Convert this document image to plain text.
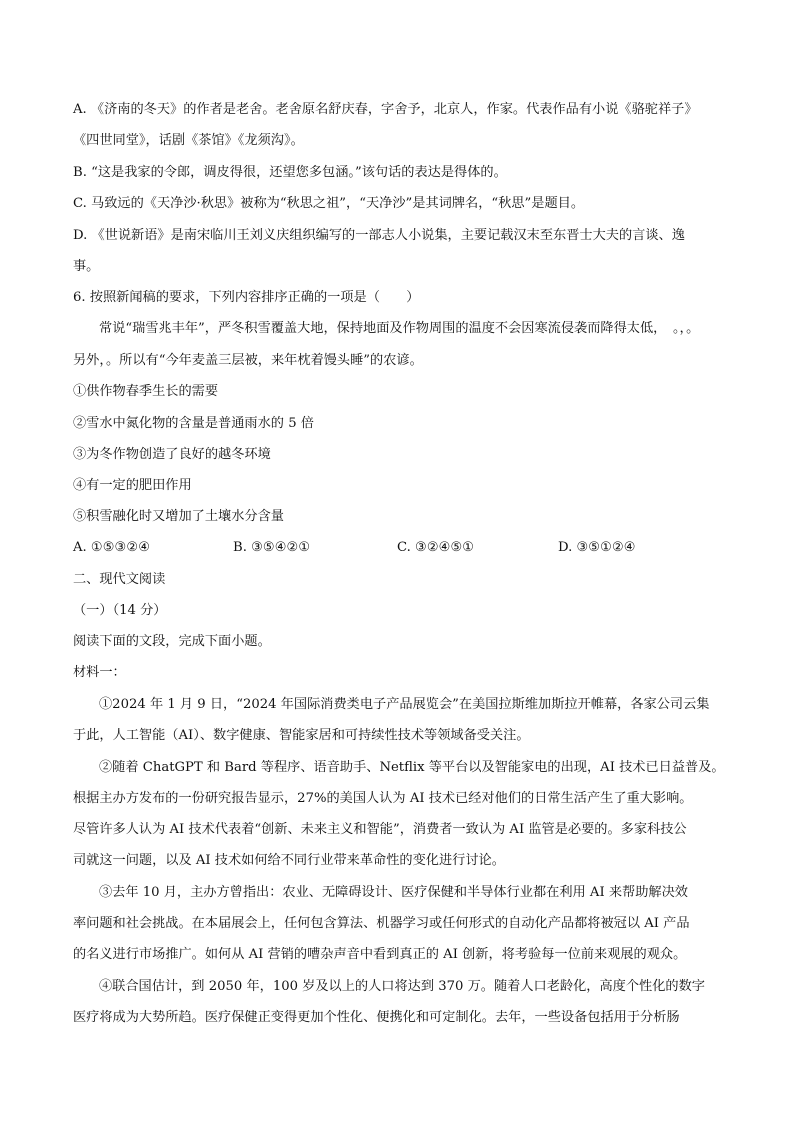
A. 《济南的冬天》的作者是老舍。老舍原名舒庆春，字舍予，北京人，作家。代表作品有小说《骆驼祥子》
《四世同堂》，话剧《茶馆》《龙须沟》。
B. “这是我家的令郎，调皮得很，还望您多包涵。”该句话的表达是得体的。
C. 马致远的《天净沙·秋思》被称为“秋思之祖”，“天净沙”是其词牌名，“秋思”是题目。
D. 《世说新语》是南宋临川王刘义庆组织编写的一部志人小说集，主要记载汉末至东晋士大夫的言谈、逸
事。
6. 按照新闻稿的要求，下列内容排序正确的一项是（　　）
常说“瑞雪兆丰年”，严冬积雪覆盖大地，保持地面及作物周围的温度不会因寒流侵袭而降得太低，　。，。
另外，。所以有“今年麦盖三层被，来年枕着馒头睡”的农谚。
①供作物春季生长的需要
②雪水中氮化物的含量是普通雨水的 5 倍
③为冬作物创造了良好的越冬环境
④有一定的肥田作用
⑤积雪融化时又增加了土壤水分含量
A. ①⑤③②④	B. ③⑤④②①	C. ③②④⑤①	D. ③⑤①②④
二、现代文阅读
（一）（14 分）
阅读下面的文段，完成下面小题。
材料一：
①2024 年 1 月 9 日，“2024 年国际消费类电子产品展览会”在美国拉斯维加斯拉开帷幕，各家公司云集
于此，人工智能（AI）、数字健康、智能家居和可持续性技术等领域备受关注。
②随着 ChatGPT 和 Bard 等程序、语音助手、Netflix 等平台以及智能家电的出现，AI 技术已日益普及。
根据主办方发布的一份研究报告显示，27%的美国人认为 AI 技术已经对他们的日常生活产生了重大影响。
尽管许多人认为 AI 技术代表着“创新、未来主义和智能”，消费者一致认为 AI 监管是必要的。多家科技公
司就这一问题，以及 AI 技术如何给不同行业带来革命性的变化进行讨论。
③去年 10 月，主办方曾指出：农业、无障碍设计、医疗保健和半导体行业都在利用 AI 来帮助解决效
率问题和社会挑战。在本届展会上，任何包含算法、机器学习或任何形式的自动化产品都将被冠以 AI 产品
的名义进行市场推广。如何从 AI 营销的嘈杂声音中看到真正的 AI 创新，将考验每一位前来观展的观众。
④联合国估计，到 2050 年，100 岁及以上的人口将达到 370 万。随着人口老龄化，高度个性化的数字
医疗将成为大势所趋。医疗保健正变得更加个性化、便携化和可定制化。去年，一些设备包括用于分析肠
